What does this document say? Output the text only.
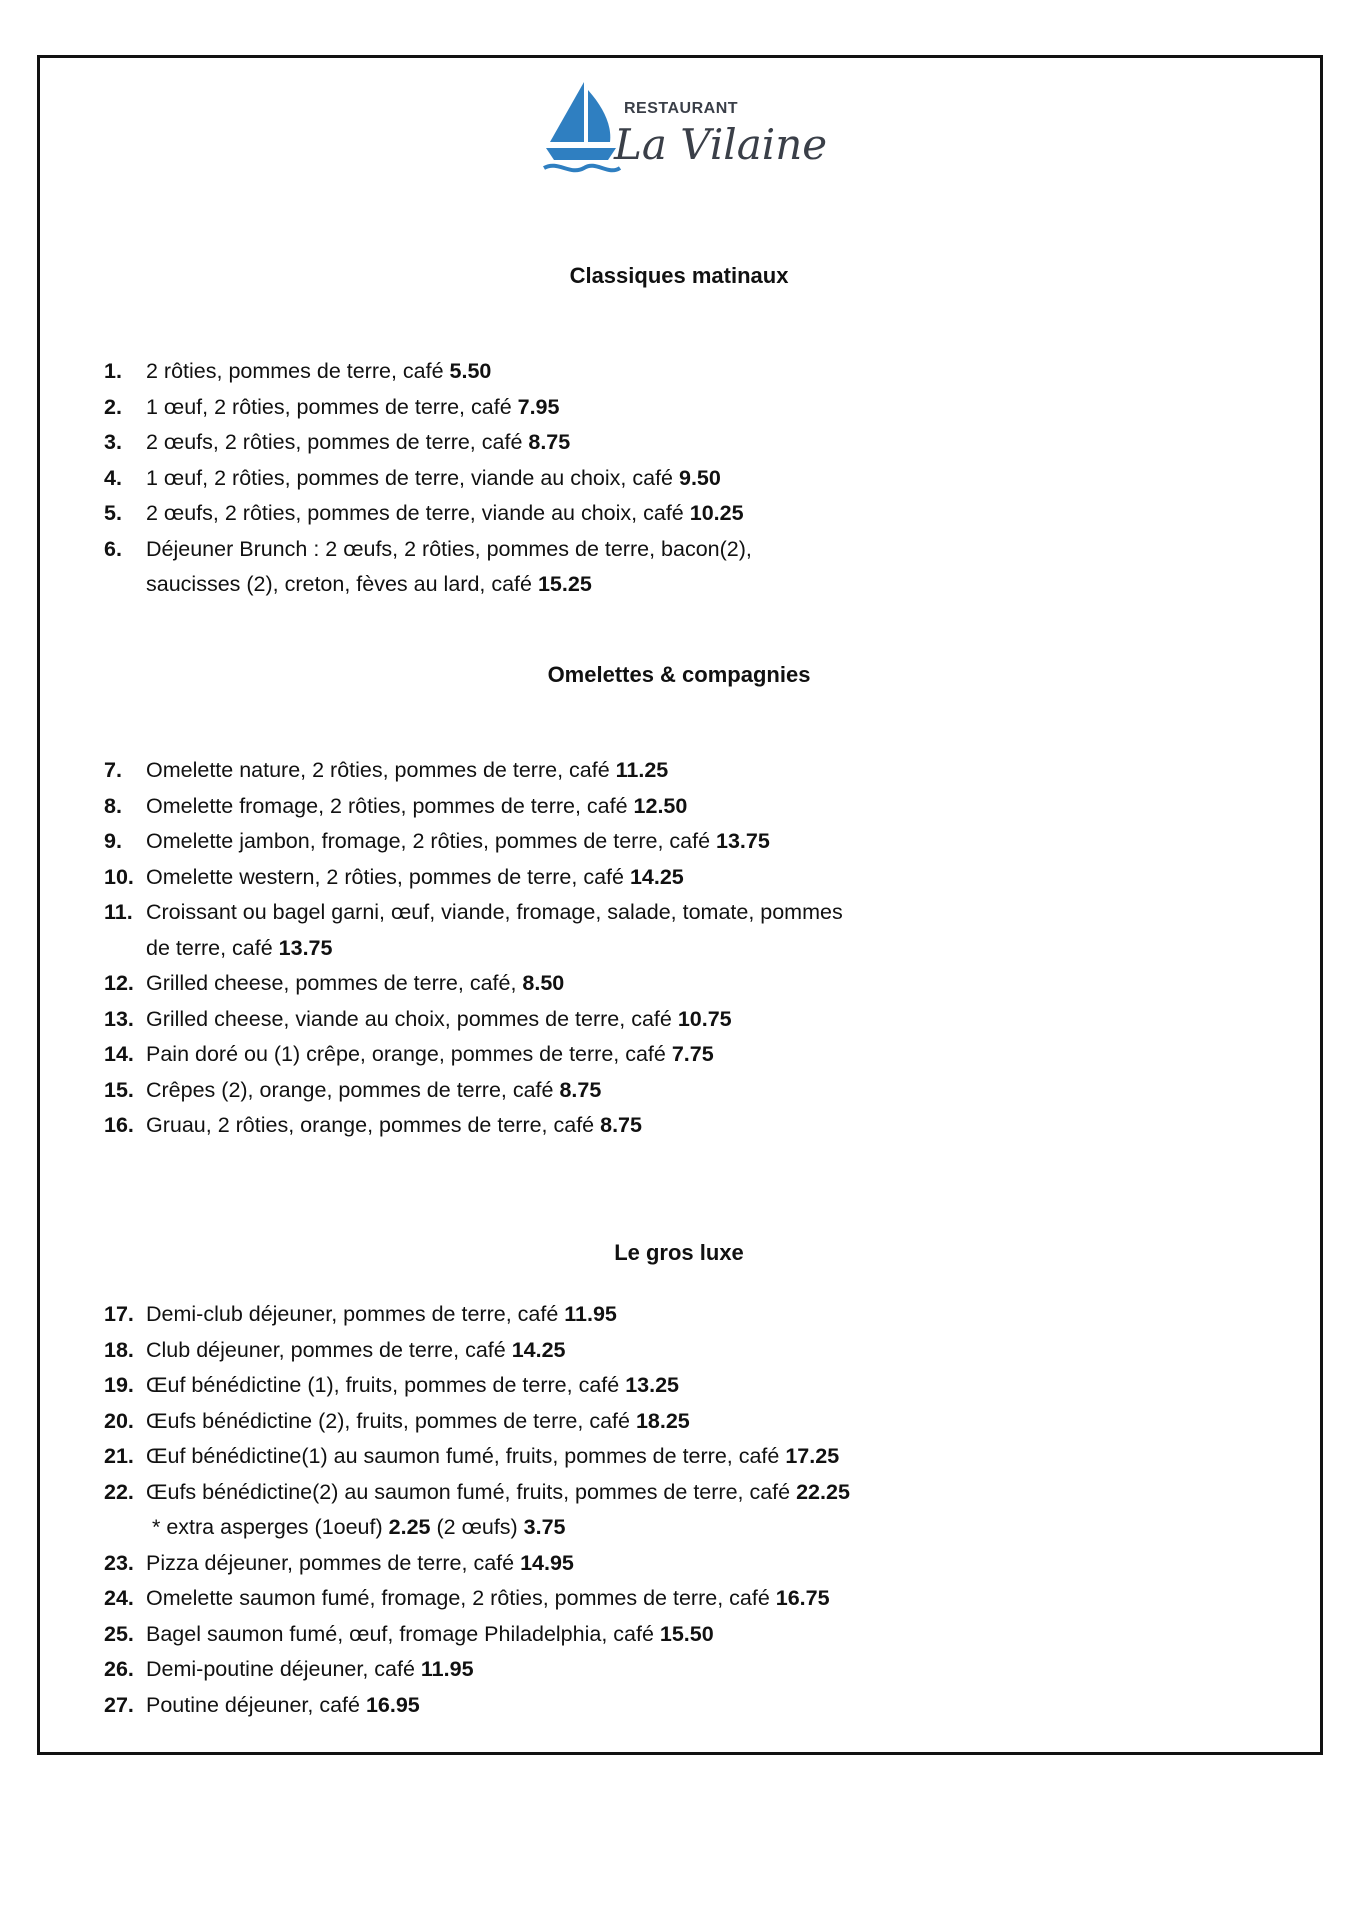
RESTAURANT
La Vilaine
Classiques matinaux
1. 2 rôties, pommes de terre, café 5.50
2. 1 œuf, 2 rôties, pommes de terre, café 7.95
3. 2 œufs, 2 rôties, pommes de terre, café 8.75
4. 1 œuf, 2 rôties, pommes de terre, viande au choix, café 9.50
5. 2 œufs, 2 rôties, pommes de terre, viande au choix, café 10.25
6. Déjeuner Brunch : 2 œufs, 2 rôties, pommes de terre, bacon(2), saucisses (2), creton, fèves au lard, café 15.25
Omelettes & compagnies
7. Omelette nature, 2 rôties, pommes de terre, café 11.25
8. Omelette fromage, 2 rôties, pommes de terre, café 12.50
9. Omelette jambon, fromage, 2 rôties, pommes de terre, café 13.75
10. Omelette western, 2 rôties, pommes de terre, café 14.25
11. Croissant ou bagel garni, œuf, viande, fromage, salade, tomate, pommes de terre, café 13.75
12. Grilled cheese, pommes de terre, café, 8.50
13. Grilled cheese, viande au choix, pommes de terre, café 10.75
14. Pain doré ou (1) crêpe, orange, pommes de terre, café 7.75
15. Crêpes (2), orange, pommes de terre, café 8.75
16. Gruau, 2 rôties, orange, pommes de terre, café 8.75
Le gros luxe
17. Demi-club déjeuner, pommes de terre, café 11.95
18. Club déjeuner, pommes de terre, café 14.25
19. Œuf bénédictine (1), fruits, pommes de terre, café 13.25
20. Œufs bénédictine (2), fruits, pommes de terre, café 18.25
21. Œuf bénédictine(1) au saumon fumé, fruits, pommes de terre, café 17.25
22. Œufs bénédictine(2) au saumon fumé, fruits, pommes de terre, café 22.25
* extra asperges (1oeuf) 2.25 (2 œufs) 3.75
23. Pizza déjeuner, pommes de terre, café 14.95
24. Omelette saumon fumé, fromage, 2 rôties, pommes de terre, café 16.75
25. Bagel saumon fumé, œuf, fromage Philadelphia, café 15.50
26. Demi-poutine déjeuner, café 11.95
27. Poutine déjeuner, café 16.95
